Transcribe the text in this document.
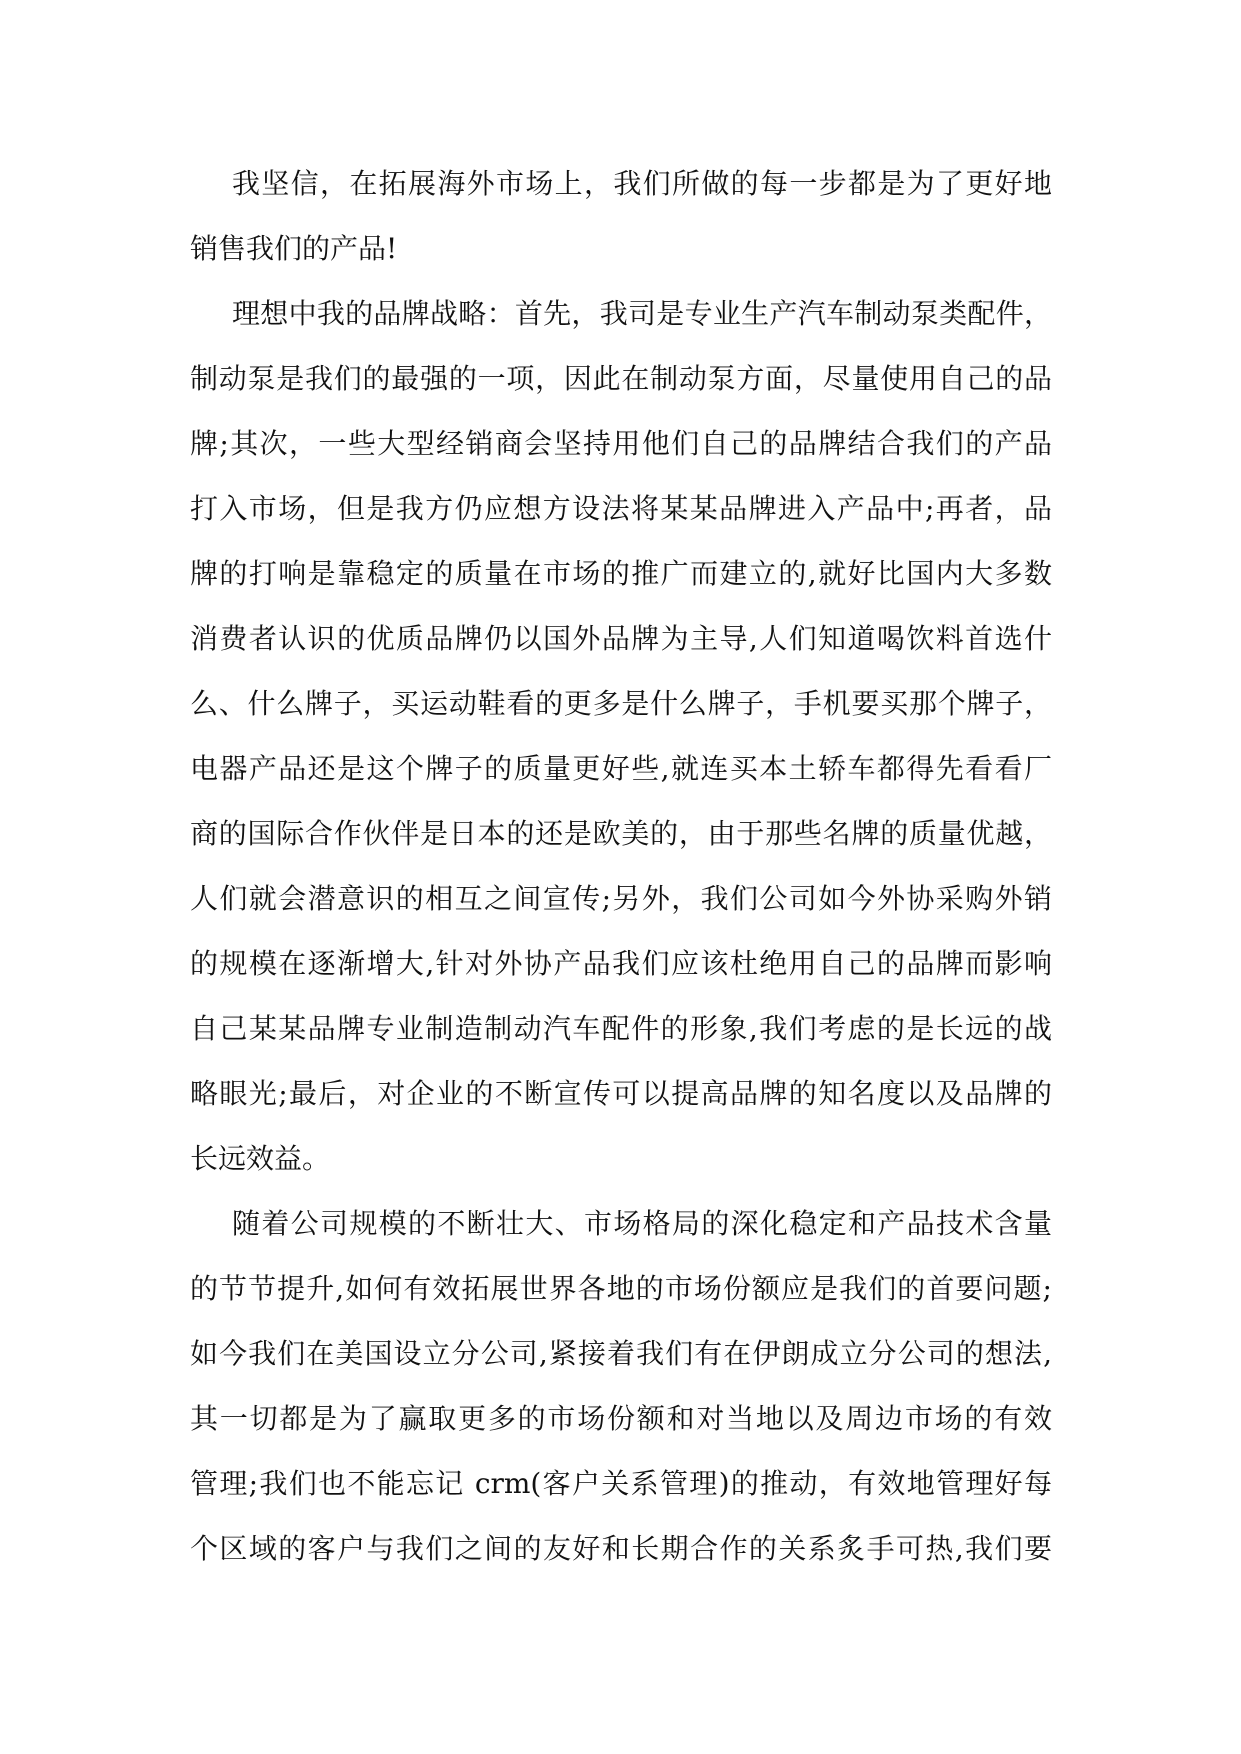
我坚信，在拓展海外市场上，我们所做的每一步都是为了更好地
销售我们的产品!
理想中我的品牌战略：首先，我司是专业生产汽车制动泵类配件，
制动泵是我们的最强的一项，因此在制动泵方面，尽量使用自己的品
牌;其次，一些大型经销商会坚持用他们自己的品牌结合我们的产品
打入市场，但是我方仍应想方设法将某某品牌进入产品中;再者，品
牌的打响是靠稳定的质量在市场的推广而建立的,就好比国内大多数
消费者认识的优质品牌仍以国外品牌为主导,人们知道喝饮料首选什
么、什么牌子，买运动鞋看的更多是什么牌子，手机要买那个牌子，
电器产品还是这个牌子的质量更好些,就连买本土轿车都得先看看厂
商的国际合作伙伴是日本的还是欧美的，由于那些名牌的质量优越，
人们就会潜意识的相互之间宣传;另外，我们公司如今外协采购外销
的规模在逐渐增大,针对外协产品我们应该杜绝用自己的品牌而影响
自己某某品牌专业制造制动汽车配件的形象,我们考虑的是长远的战
略眼光;最后，对企业的不断宣传可以提高品牌的知名度以及品牌的
长远效益。
随着公司规模的不断壮大、市场格局的深化稳定和产品技术含量
的节节提升,如何有效拓展世界各地的市场份额应是我们的首要问题;
如今我们在美国设立分公司,紧接着我们有在伊朗成立分公司的想法,
其一切都是为了赢取更多的市场份额和对当地以及周边市场的有效
管理;我们也不能忘记 crm(客户关系管理)的推动，有效地管理好每
个区域的客户与我们之间的友好和长期合作的关系炙手可热,我们要
